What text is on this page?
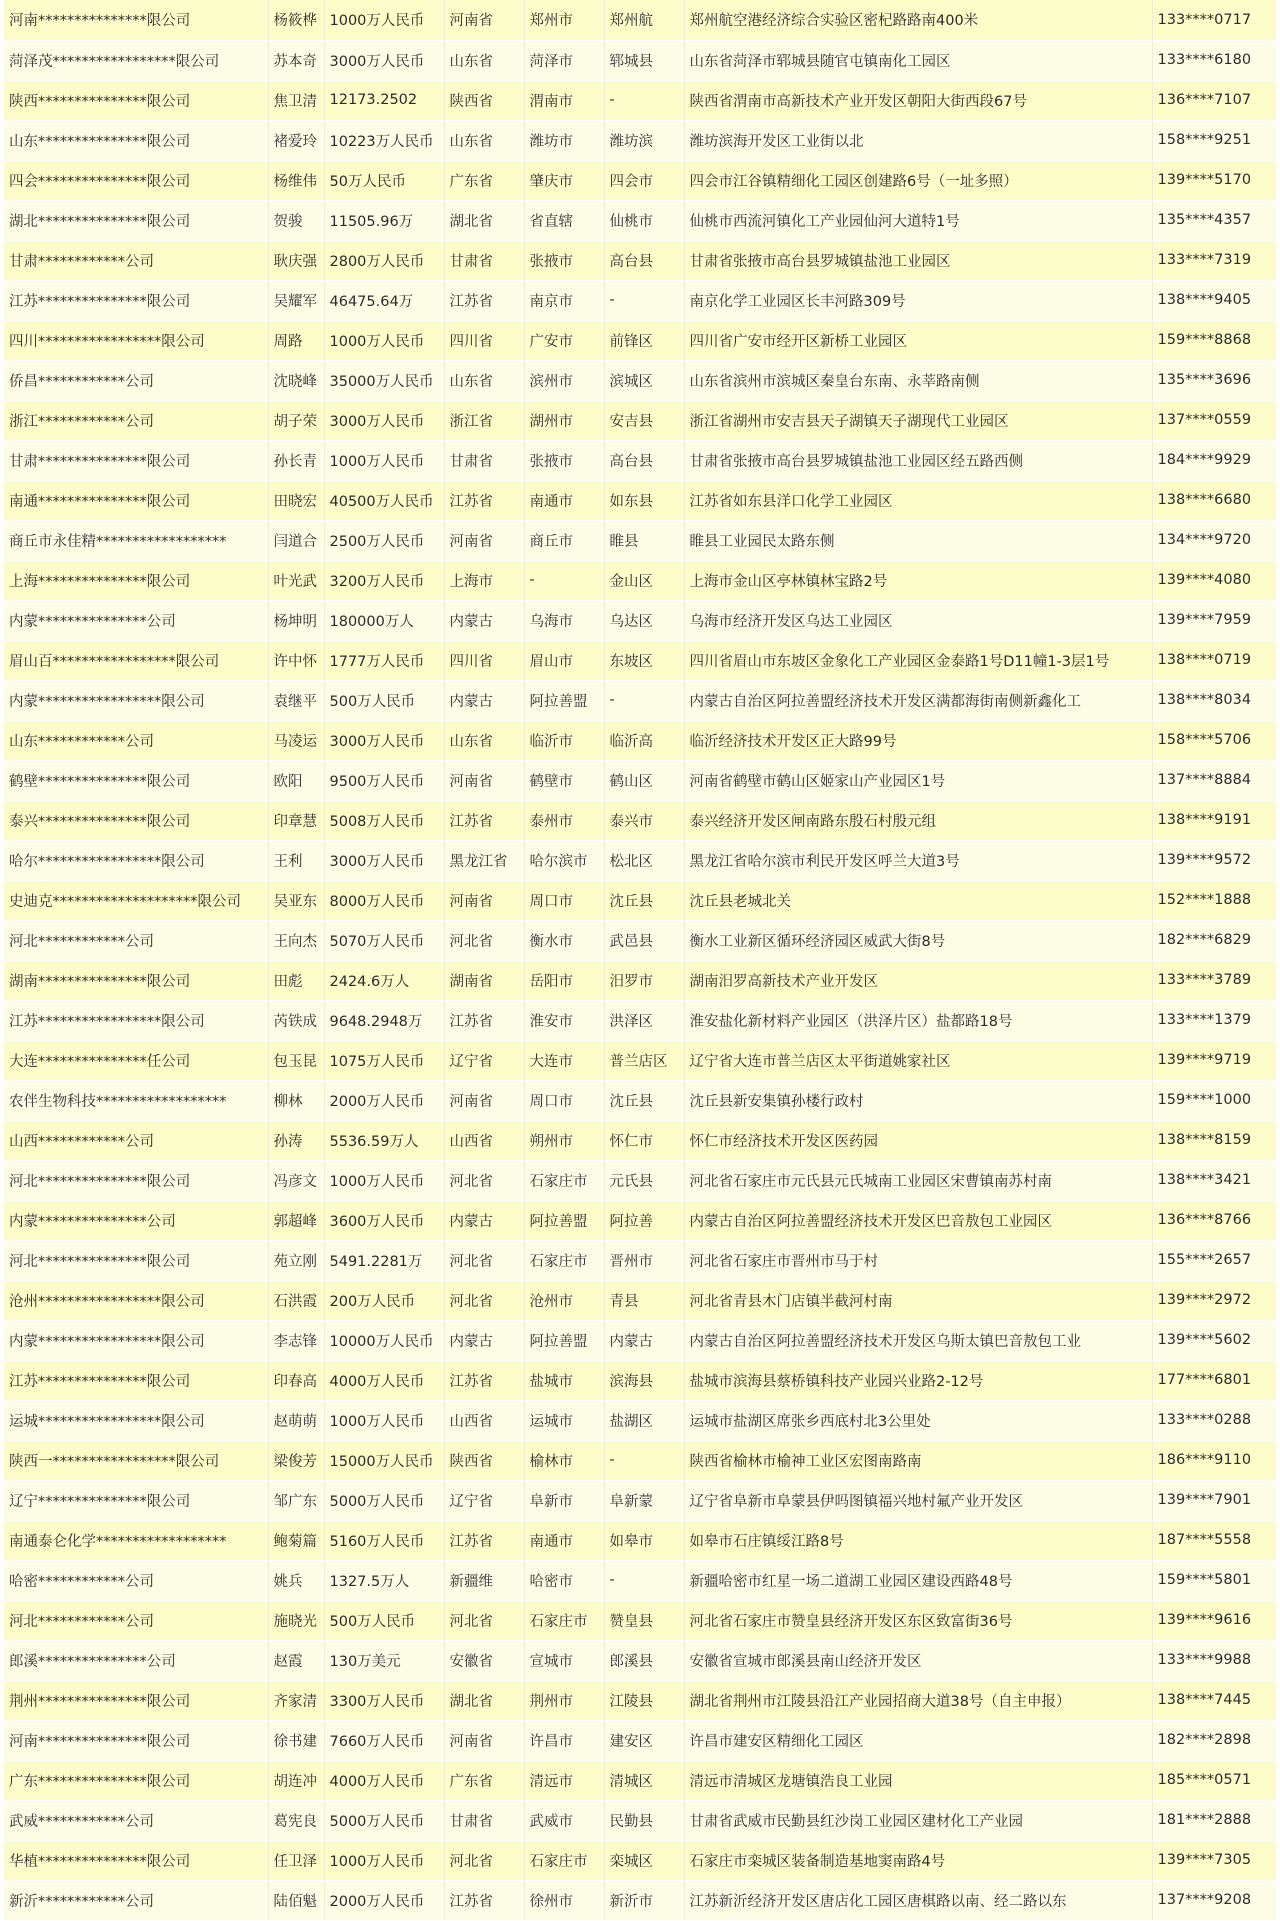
河南***************限公司	杨筱桦	1000万人民币	河南省	郑州市	郑州航	郑州航空港经济综合实验区密杞路路南400米	133****0717
菏泽茂*****************限公司	苏本奇	3000万人民币	山东省	菏泽市	郓城县	山东省菏泽市郓城县随官屯镇南化工园区	133****6180
陕西***************限公司	焦卫清	12173.2502	陕西省	渭南市	-	陕西省渭南市高新技术产业开发区朝阳大街西段67号	136****7107
山东***************限公司	褚爱玲	10223万人民币	山东省	潍坊市	潍坊滨	潍坊滨海开发区工业街以北	158****9251
四会***************限公司	杨维伟	50万人民币	广东省	肇庆市	四会市	四会市江谷镇精细化工园区创建路6号（一址多照）	139****5170
湖北***************限公司	贺骏	11505.96万	湖北省	省直辖	仙桃市	仙桃市西流河镇化工产业园仙河大道特1号	135****4357
甘肃************公司	耿庆强	2800万人民币	甘肃省	张掖市	高台县	甘肃省张掖市高台县罗城镇盐池工业园区	133****7319
江苏***************限公司	吴耀军	46475.64万	江苏省	南京市	-	南京化学工业园区长丰河路309号	138****9405
四川*****************限公司	周路	1000万人民币	四川省	广安市	前锋区	四川省广安市经开区新桥工业园区	159****8868
侨昌************公司	沈晓峰	35000万人民币	山东省	滨州市	滨城区	山东省滨州市滨城区秦皇台东南、永莘路南侧	135****3696
浙江************公司	胡子荣	3000万人民币	浙江省	湖州市	安吉县	浙江省湖州市安吉县天子湖镇天子湖现代工业园区	137****0559
甘肃***************限公司	孙长青	1000万人民币	甘肃省	张掖市	高台县	甘肃省张掖市高台县罗城镇盐池工业园区经五路西侧	184****9929
南通***************限公司	田晓宏	40500万人民币	江苏省	南通市	如东县	江苏省如东县洋口化学工业园区	138****6680
商丘市永佳精******************	闫道合	2500万人民币	河南省	商丘市	睢县	睢县工业园民太路东侧	134****9720
上海***************限公司	叶光武	3200万人民币	上海市	-	金山区	上海市金山区亭林镇林宝路2号	139****4080
内蒙***************公司	杨坤明	180000万人	内蒙古	乌海市	乌达区	乌海市经济开发区乌达工业园区	139****7959
眉山百*****************限公司	许中怀	1777万人民币	四川省	眉山市	东坡区	四川省眉山市东坡区金象化工产业园区金泰路1号D11幢1-3层1号	138****0719
内蒙*****************限公司	袁继平	500万人民币	内蒙古	阿拉善盟	-	内蒙古自治区阿拉善盟经济技术开发区满都海街南侧新鑫化工	138****8034
山东************公司	马凌运	3000万人民币	山东省	临沂市	临沂高	临沂经济技术开发区正大路99号	158****5706
鹤壁***************限公司	欧阳	9500万人民币	河南省	鹤壁市	鹤山区	河南省鹤壁市鹤山区姬家山产业园区1号	137****8884
泰兴***************限公司	印章慧	5008万人民币	江苏省	泰州市	泰兴市	泰兴经济开发区闸南路东殷石村殷元组	138****9191
哈尔*****************限公司	王利	3000万人民币	黑龙江省	哈尔滨市	松北区	黑龙江省哈尔滨市利民开发区呼兰大道3号	139****9572
史迪克********************限公司	吴亚东	8000万人民币	河南省	周口市	沈丘县	沈丘县老城北关	152****1888
河北************公司	王向杰	5070万人民币	河北省	衡水市	武邑县	衡水工业新区循环经济园区威武大街8号	182****6829
湖南***************限公司	田彪	2424.6万人	湖南省	岳阳市	汨罗市	湖南汨罗高新技术产业开发区	133****3789
江苏*****************限公司	芮铁成	9648.2948万	江苏省	淮安市	洪泽区	淮安盐化新材料产业园区（洪泽片区）盐都路18号	133****1379
大连***************任公司	包玉昆	1075万人民币	辽宁省	大连市	普兰店区	辽宁省大连市普兰店区太平街道姚家社区	139****9719
农伴生物科技******************	柳林	2000万人民币	河南省	周口市	沈丘县	沈丘县新安集镇孙楼行政村	159****1000
山西************公司	孙涛	5536.59万人	山西省	朔州市	怀仁市	怀仁市经济技术开发区医药园	138****8159
河北***************限公司	冯彦文	1000万人民币	河北省	石家庄市	元氏县	河北省石家庄市元氏县元氏城南工业园区宋曹镇南苏村南	138****3421
内蒙***************公司	郭超峰	3600万人民币	内蒙古	阿拉善盟	阿拉善	内蒙古自治区阿拉善盟经济技术开发区巴音敖包工业园区	136****8766
河北***************限公司	苑立刚	5491.2281万	河北省	石家庄市	晋州市	河北省石家庄市晋州市马于村	155****2657
沧州*****************限公司	石洪霞	200万人民币	河北省	沧州市	青县	河北省青县木门店镇半截河村南	139****2972
内蒙*****************限公司	李志锋	10000万人民币	内蒙古	阿拉善盟	内蒙古	内蒙古自治区阿拉善盟经济技术开发区乌斯太镇巴音敖包工业	139****5602
江苏***************限公司	印春高	4000万人民币	江苏省	盐城市	滨海县	盐城市滨海县蔡桥镇科技产业园兴业路2-12号	177****6801
运城*****************限公司	赵萌萌	1000万人民币	山西省	运城市	盐湖区	运城市盐湖区席张乡西底村北3公里处	133****0288
陕西一*****************限公司	梁俊芳	15000万人民币	陕西省	榆林市	-	陕西省榆林市榆神工业区宏图南路南	186****9110
辽宁***************限公司	邹广东	5000万人民币	辽宁省	阜新市	阜新蒙	辽宁省阜新市阜蒙县伊吗图镇福兴地村氟产业开发区	139****7901
南通泰仑化学******************	鲍菊篇	5160万人民币	江苏省	南通市	如皋市	如皋市石庄镇绥江路8号	187****5558
哈密************公司	姚兵	1327.5万人	新疆维	哈密市	-	新疆哈密市红星一场二道湖工业园区建设西路48号	159****5801
河北************公司	施晓光	500万人民币	河北省	石家庄市	赞皇县	河北省石家庄市赞皇县经济开发区东区致富街36号	139****9616
郎溪***************公司	赵霞	130万美元	安徽省	宣城市	郎溪县	安徽省宣城市郎溪县南山经济开发区	133****9988
荆州***************限公司	齐家清	3300万人民币	湖北省	荆州市	江陵县	湖北省荆州市江陵县沿江产业园招商大道38号（自主申报）	138****7445
河南***************限公司	徐书建	7660万人民币	河南省	许昌市	建安区	许昌市建安区精细化工园区	182****2898
广东***************限公司	胡连冲	4000万人民币	广东省	清远市	清城区	清远市清城区龙塘镇浩良工业园	185****0571
武威************公司	葛宪良	5000万人民币	甘肃省	武威市	民勤县	甘肃省武威市民勤县红沙岗工业园区建材化工产业园	181****2888
华植***************限公司	任卫泽	1000万人民币	河北省	石家庄市	栾城区	石家庄市栾城区装备制造基地窦南路4号	139****7305
新沂************公司	陆佰魁	2000万人民币	江苏省	徐州市	新沂市	江苏新沂经济开发区唐店化工园区唐棋路以南、经二路以东	137****9208
